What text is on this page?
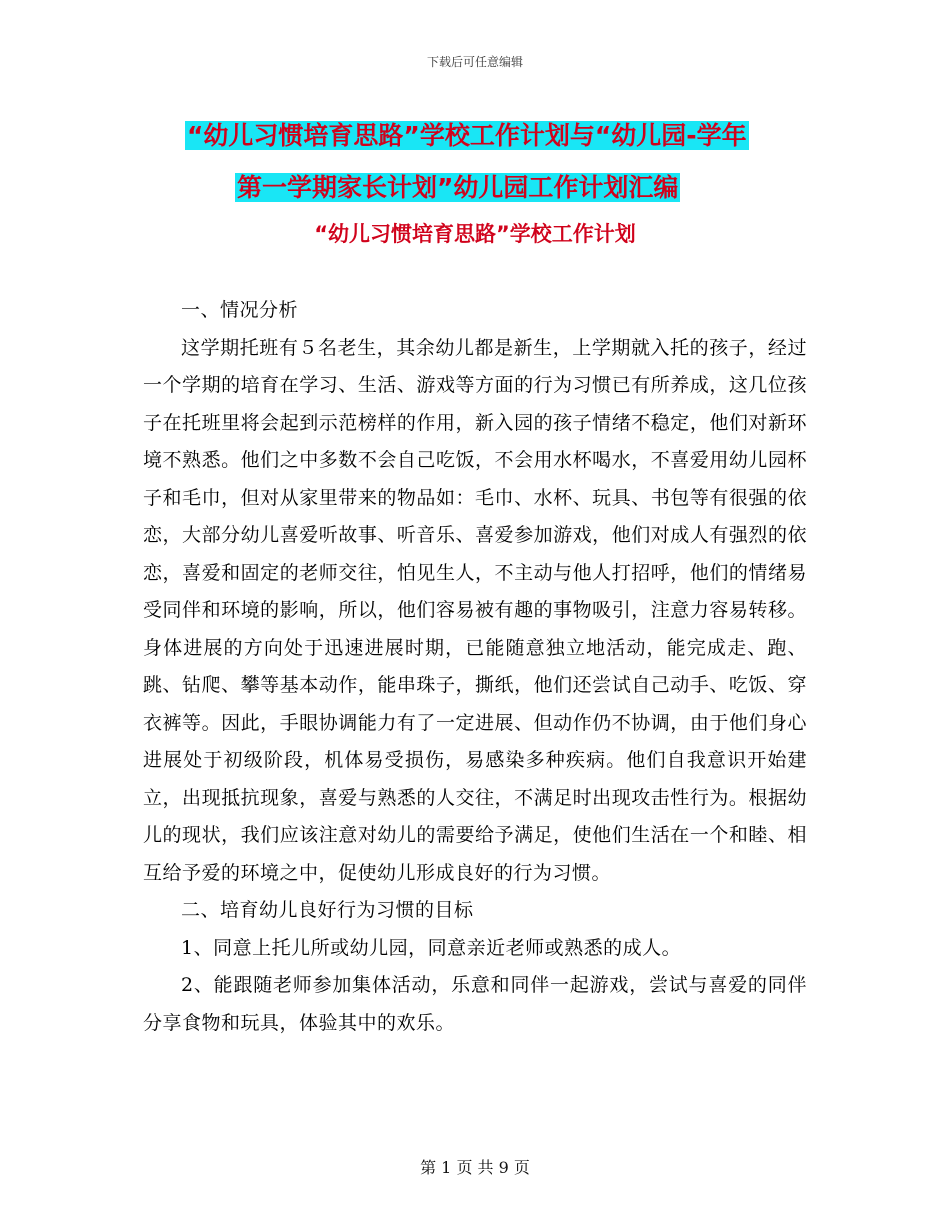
下载后可任意编辑
“幼儿习惯培育思路”学校工作计划与“幼儿园-学年

第一学期家长计划”幼儿园工作计划汇编
“幼儿习惯培育思路”学校工作计划

一、情况分析

这学期托班有５名老生，其余幼儿都是新生，上学期就入托的孩子，经过一个学期的培育在学习、生活、游戏等方面的行为习惯已有所养成，这几位孩子在托班里将会起到示范榜样的作用，新入园的孩子情绪不稳定，他们对新环境不熟悉。他们之中多数不会自己吃饭，不会用水杯喝水，不喜爱用幼儿园杯子和毛巾，但对从家里带来的物品如：毛巾、水杯、玩具、书包等有很强的依恋，大部分幼儿喜爱听故事、听音乐、喜爱参加游戏，他们对成人有强烈的依恋，喜爱和固定的老师交往，怕见生人，不主动与他人打招呼，他们的情绪易受同伴和环境的影响，所以，他们容易被有趣的事物吸引，注意力容易转移。身体进展的方向处于迅速进展时期，已能随意独立地活动，能完成走、跑、跳、钻爬、攀等基本动作，能串珠子，撕纸，他们还尝试自己动手、吃饭、穿衣裤等。因此，手眼协调能力有了一定进展、但动作仍不协调，由于他们身心进展处于初级阶段，机体易受损伤，易感染多种疾病。他们自我意识开始建立，出现抵抗现象，喜爱与熟悉的人交往，不满足时出现攻击性行为。根据幼儿的现状，我们应该注意对幼儿的需要给予满足，使他们生活在一个和睦、相互给予爱的环境之中，促使幼儿形成良好的行为习惯。

二、培育幼儿良好行为习惯的目标

1、同意上托儿所或幼儿园，同意亲近老师或熟悉的成人。

2、能跟随老师参加集体活动，乐意和同伴一起游戏，尝试与喜爱的同伴分享食物和玩具，体验其中的欢乐。

第 1 页 共 9 页
